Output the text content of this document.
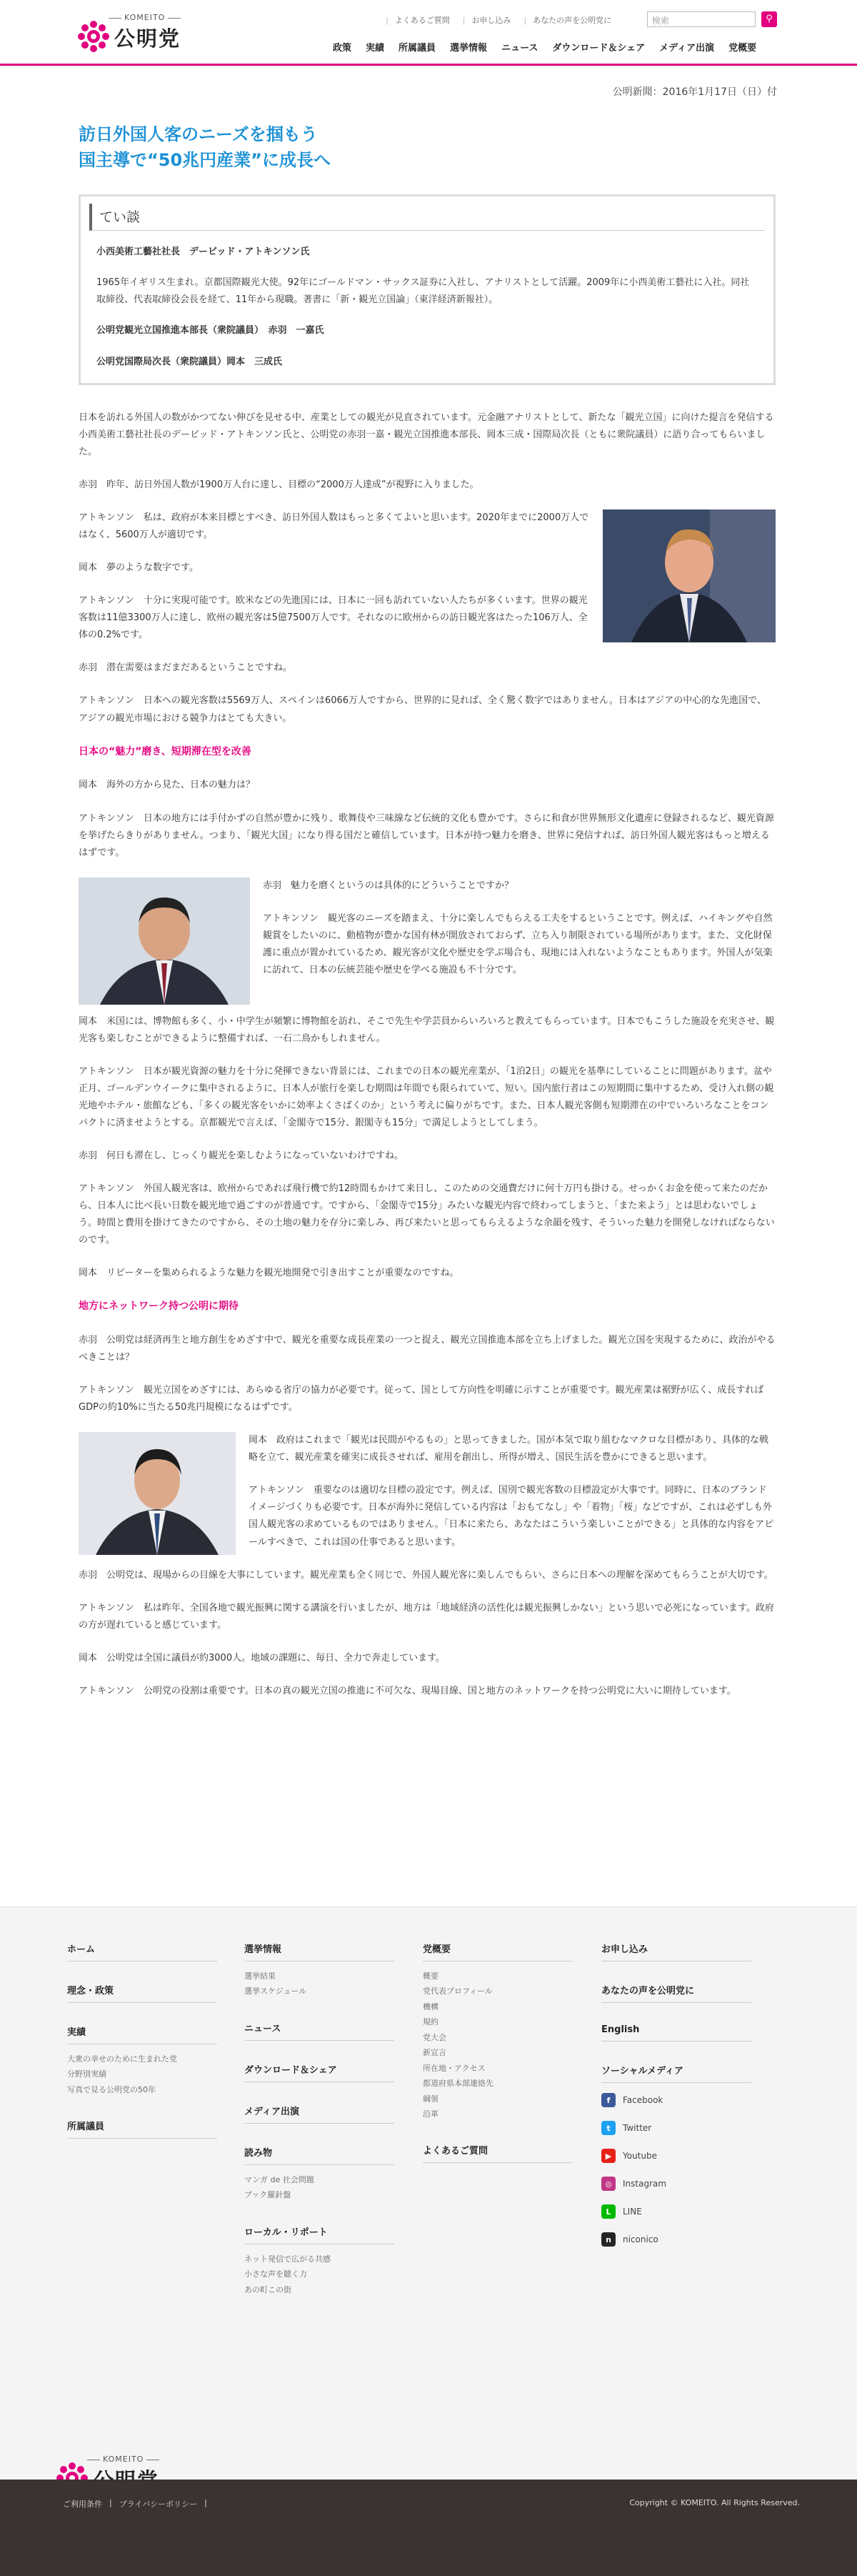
KOMEITO
公明党
| よくあるご質問	| お申し込み	| あなたの声を公明党に	検索	⚲
政策 実績 所属議員 選挙情報 ニュース ダウンロード＆シェア メディア出演 党概要
公明新聞：2016年1月17日（日）付
訪日外国人客のニーズを掴もう
国主導で“50兆円産業”に成長へ
てい談

小西美術工藝社社長　デービッド・アトキンソン氏

1965年イギリス生まれ。京都国際観光大使。92年にゴールドマン・サックス証券に入社し、アナリストとして活躍。2009年に小西美術工藝社に入社。同社取締役、代表取締役会長を経て、11年から現職。著書に「新・観光立国論」（東洋経済新報社）。

公明党観光立国推進本部長（衆院議員）　赤羽　一嘉氏

公明党国際局次長（衆院議員）岡本　三成氏

日本を訪れる外国人の数がかつてない伸びを見せる中、産業としての観光が見直されています。元金融アナリストとして、新たな「観光立国」に向けた提言を発信する小西美術工藝社社長のデービッド・アトキンソン氏と、公明党の赤羽一嘉・観光立国推進本部長、岡本三成・国際局次長（ともに衆院議員）に語り合ってもらいました。

赤羽　昨年、訪日外国人数が1900万人台に達し、目標の“2000万人達成”が視野に入りました。

アトキンソン　私は、政府が本来目標とすべき、訪日外国人数はもっと多くてよいと思います。2020年までに2000万人ではなく、5600万人が適切です。

岡本　夢のような数字です。

アトキンソン　十分に実現可能です。欧米などの先進国には、日本に一回も訪れていない人たちが多くいます。世界の観光客数は11億3300万人に達し、欧州の観光客は5億7500万人です。それなのに欧州からの訪日観光客はたった106万人、全体の0.2%です。

赤羽　潜在需要はまだまだあるということですね。

アトキンソン　日本への観光客数は5569万人、スペインは6066万人ですから、世界的に見れば、全く驚く数字ではありません。日本はアジアの中心的な先進国で、アジアの観光市場における競争力はとても大きい。

日本の“魅力”磨き、短期滞在型を改善

岡本　海外の方から見た、日本の魅力は？

アトキンソン　日本の地方には手付かずの自然が豊かに残り、歌舞伎や三味線など伝統的文化も豊かです。さらに和食が世界無形文化遺産に登録されるなど、観光資源を挙げたらきりがありません。つまり、「観光大国」になり得る国だと確信しています。日本が持つ魅力を磨き、世界に発信すれば、訪日外国人観光客はもっと増えるはずです。

赤羽　魅力を磨くというのは具体的にどういうことですか？

アトキンソン　観光客のニーズを踏まえ、十分に楽しんでもらえる工夫をするということです。例えば、ハイキングや自然観賞をしたいのに、動植物が豊かな国有林が開放されておらず、立ち入り制限されている場所があります。また、文化財保護に重点が置かれているため、観光客が文化や歴史を学ぶ場合も、現地には入れないようなこともあります。外国人が気楽に訪れて、日本の伝統芸能や歴史を学べる施設も不十分です。

岡本　米国には、博物館も多く、小・中学生が頻繁に博物館を訪れ、そこで先生や学芸員からいろいろと教えてもらっています。日本でもこうした施設を充実させ、観光客も楽しむことができるように整備すれば、一石二鳥かもしれません。

アトキンソン　日本が観光資源の魅力を十分に発揮できない背景には、これまでの日本の観光産業が、「1泊2日」の観光を基準にしていることに問題があります。盆や正月、ゴールデンウイークに集中されるように、日本人が旅行を楽しむ期間は年間でも限られていて、短い。国内旅行者はこの短期間に集中するため、受け入れ側の観光地やホテル・旅館なども、「多くの観光客をいかに効率よくさばくのか」という考えに偏りがちです。また、日本人観光客側も短期滞在の中でいろいろなことをコンパクトに済ませようとする。京都観光で言えば、「金閣寺で15分、銀閣寺も15分」で満足しようとしてしまう。

赤羽　何日も滞在し、じっくり観光を楽しむようになっていないわけですね。

アトキンソン　外国人観光客は、欧州からであれば飛行機で約12時間もかけて来日し、このための交通費だけに何十万円も掛ける。せっかくお金を使って来たのだから、日本人に比べ長い日数を観光地で過ごすのが普通です。ですから、「金閣寺で15分」みたいな観光内容で終わってしまうと、「また来よう」とは思わないでしょう。時間と費用を掛けてきたのですから、その土地の魅力を存分に楽しみ、再び来たいと思ってもらえるような余韻を残す、そういった魅力を開発しなければならないのです。

岡本　リピーターを集められるような魅力を観光地開発で引き出すことが重要なのですね。

地方にネットワーク持つ公明に期待

赤羽　公明党は経済再生と地方創生をめざす中で、観光を重要な成長産業の一つと捉え、観光立国推進本部を立ち上げました。観光立国を実現するために、政治がやるべきことは？

アトキンソン　観光立国をめざすには、あらゆる省庁の協力が必要です。従って、国として方向性を明確に示すことが重要です。観光産業は裾野が広く、成長すればGDPの約10%に当たる50兆円規模になるはずです。

岡本　政府はこれまで「観光は民間がやるもの」と思ってきました。国が本気で取り組むなマクロな目標があり、具体的な戦略を立て、観光産業を確実に成長させれば、雇用を創出し、所得が増え、国民生活を豊かにできると思います。

アトキンソン　重要なのは適切な目標の設定です。例えば、国別で観光客数の目標設定が大事です。同時に、日本のブランドイメージづくりも必要です。日本が海外に発信している内容は「おもてなし」や「着物」「桜」などですが、これは必ずしも外国人観光客の求めているものではありません。「日本に来たら、あなたはこういう楽しいことができる」と具体的な内容をアピールすべきで、これは国の仕事であると思います。

赤羽　公明党は、現場からの目線を大事にしています。観光産業も全く同じで、外国人観光客に楽しんでもらい、さらに日本への理解を深めてもらうことが大切です。

アトキンソン　私は昨年、全国各地で観光振興に関する講演を行いましたが、地方は「地域経済の活性化は観光振興しかない」という思いで必死になっています。政府の方が遅れていると感じています。

岡本　公明党は全国に議員が約3000人。地域の課題に、毎日、全力で奔走しています。

アトキンソン　公明党の役割は重要です。日本の真の観光立国の推進に不可欠な、現場目線、国と地方のネットワークを持つ公明党に大いに期待しています。

ホーム
理念・政策
実績
大衆の幸せのために生まれた党
分野別実績
写真で見る公明党の50年
所属議員
選挙情報
選挙結果
選挙スケジュール
ニュース
ダウンロード＆シェア
メディア出演
読み物
マンガ de 社会問題
ブック羅針盤
ローカル・リポート
ネット発信で広がる共感
小さな声を聴く力
あの町この街
党概要
概要
党代表プロフィール
機構
規約
党大会
新宣言
所在地・アクセス
都道府県本部連絡先
綱領
沿革
よくあるご質問
お申し込み
あなたの声を公明党に
English
ソーシャルメディア
f	Facebook
t	Twitter
▶	Youtube
◎	Instagram
L	LINE
n	niconico
KOMEITO
ご利用条件 | プライバシーポリシー |	Copyright © KOMEITO. All Rights Reserved.
